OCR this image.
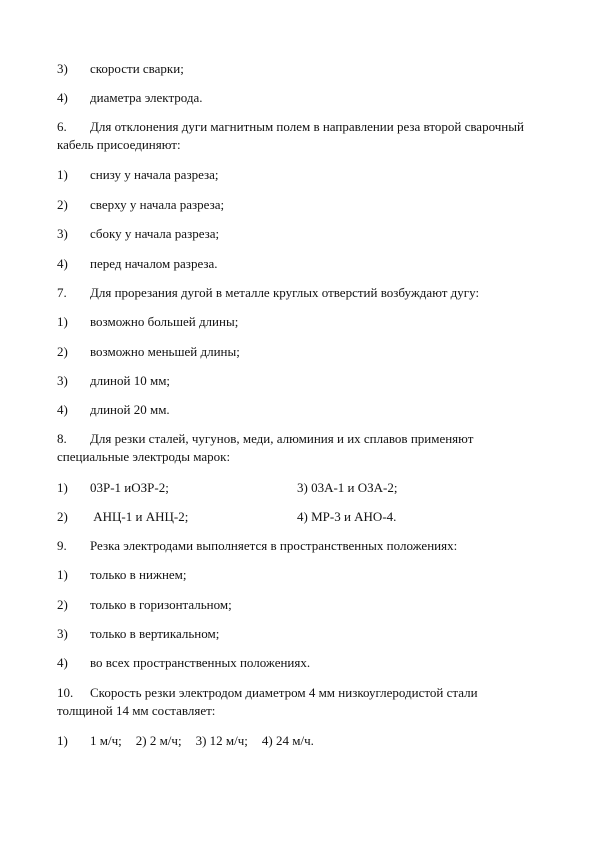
3) скорости сварки;
4) диаметра электрода.
6. Для отклонения дуги магнитным полем в направлении реза второй сварочный
кабель присоединяют:
1) снизу у начала разреза;
2) сверху у начала разреза;
3) сбоку у начала разреза;
4) перед началом разреза.
7. Для прорезания дугой в металле круглых отверстий возбуждают дугу:
1) возможно большей длины;
2) возможно меньшей длины;
3) длиной 10 мм;
4) длиной 20 мм.
8. Для резки сталей, чугунов, меди, алюминия и их сплавов применяют
специальные электроды марок:
1) 03Р-1 иОЗР-2;	3) 03А-1 и ОЗА-2;
2) АНЦ-1 и АНЦ-2;	4) МР-3 и АНО-4.
9. Резка электродами выполняется в пространственных положениях:
1) только в нижнем;
2) только в горизонтальном;
3) только в вертикальном;
4) во всех пространственных положениях.
10. Скорость резки электродом диаметром 4 мм низкоуглеродистой стали
толщиной 14 мм составляет:
1) 1 м/ч; 2) 2 м/ч; 3) 12 м/ч; 4) 24 м/ч.
